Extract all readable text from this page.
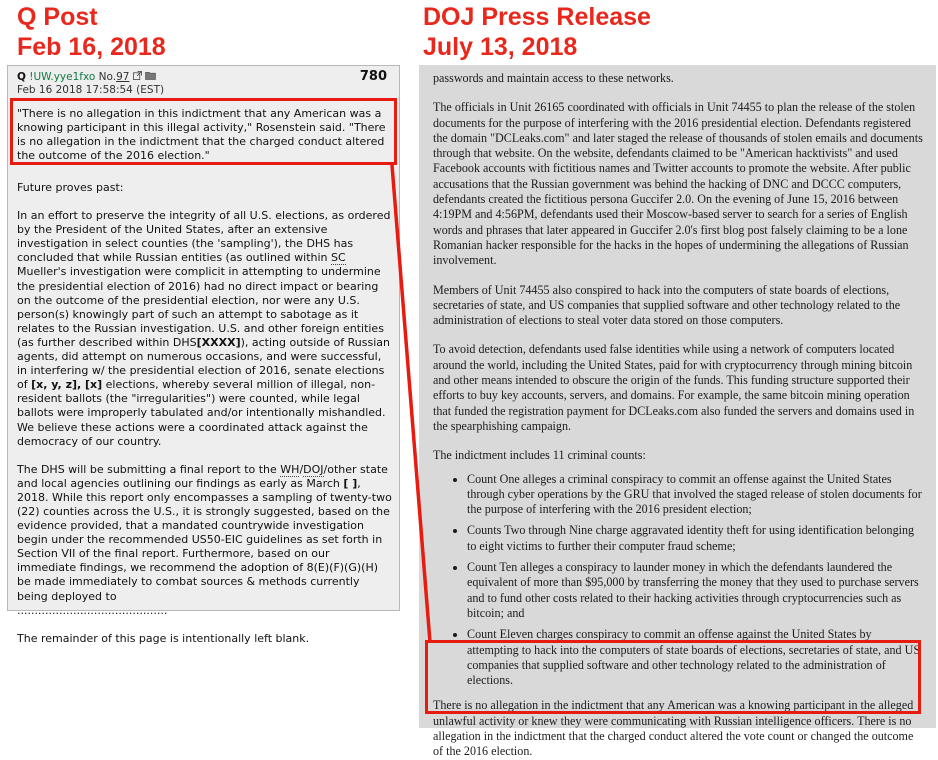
Q Post
Feb 16, 2018
DOJ Press Release
July 13, 2018
Q !UW.yye1fxo No.97	780
Feb 16 2018 17:58:54 (EST)

"There is no allegation in this indictment that any American was a knowing participant in this illegal activity," Rosenstein said. "There is no allegation in the indictment that the charged conduct altered the outcome of the 2016 election."

Future proves past:

In an effort to preserve the integrity of all U.S. elections, as ordered by the President of the United States, after an extensive investigation in select counties (the 'sampling'), the DHS has concluded that while Russian entities (as outlined within SC Mueller's investigation were complicit in attempting to undermine the presidential election of 2016) had no direct impact or bearing on the outcome of the presidential election, nor were any U.S. person(s) knowingly part of such an attempt to sabotage as it relates to the Russian investigation. U.S. and other foreign entities (as further described within DHS[XXXX]), acting outside of Russian agents, did attempt on numerous occasions, and were successful, in interfering w/ the presidential election of 2016, senate elections of [x, y, z], [x] elections, whereby several million of illegal, non-resident ballots (the "irregularities") were counted, while legal ballots were improperly tabulated and/or intentionally mishandled. We believe these actions were a coordinated attack against the democracy of our country.

The DHS will be submitting a final report to the WH/DOJ/other state and local agencies outlining our findings as early as March [ ], 2018. While this report only encompasses a sampling of twenty-two (22) counties across the U.S., it is strongly suggested, based on the evidence provided, that a mandated countrywide investigation begin under the recommended US50-EIC guidelines as set forth in Section VII of the final report. Furthermore, based on our immediate findings, we recommend the adoption of 8(E)(F)(G)(H) be made immediately to combat sources & methods currently being deployed to

...........................................

The remainder of this page is intentionally left blank.

passwords and maintain access to these networks.

The officials in Unit 26165 coordinated with officials in Unit 74455 to plan the release of the stolen documents for the purpose of interfering with the 2016 presidential election. Defendants registered the domain "DCLeaks.com" and later staged the release of thousands of stolen emails and documents through that website. On the website, defendants claimed to be "American hacktivists" and used Facebook accounts with fictitious names and Twitter accounts to promote the website. After public accusations that the Russian government was behind the hacking of DNC and DCCC computers, defendants created the fictitious persona Guccifer 2.0. On the evening of June 15, 2016 between 4:19PM and 4:56PM, defendants used their Moscow-based server to search for a series of English words and phrases that later appeared in Guccifer 2.0's first blog post falsely claiming to be a lone Romanian hacker responsible for the hacks in the hopes of undermining the allegations of Russian involvement.

Members of Unit 74455 also conspired to hack into the computers of state boards of elections, secretaries of state, and US companies that supplied software and other technology related to the administration of elections to steal voter data stored on those computers.

To avoid detection, defendants used false identities while using a network of computers located around the world, including the United States, paid for with cryptocurrency through mining bitcoin and other means intended to obscure the origin of the funds. This funding structure supported their efforts to buy key accounts, servers, and domains. For example, the same bitcoin mining operation that funded the registration payment for DCLeaks.com also funded the servers and domains used in the spearphishing campaign.

The indictment includes 11 criminal counts:

• Count One alleges a criminal conspiracy to commit an offense against the United States through cyber operations by the GRU that involved the staged release of stolen documents for the purpose of interfering with the 2016 president election;
• Counts Two through Nine charge aggravated identity theft for using identification belonging to eight victims to further their computer fraud scheme;
• Count Ten alleges a conspiracy to launder money in which the defendants laundered the equivalent of more than $95,000 by transferring the money that they used to purchase servers and to fund other costs related to their hacking activities through cryptocurrencies such as bitcoin; and
• Count Eleven charges conspiracy to commit an offense against the United States by attempting to hack into the computers of state boards of elections, secretaries of state, and US companies that supplied software and other technology related to the administration of elections.

There is no allegation in the indictment that any American was a knowing participant in the alleged unlawful activity or knew they were communicating with Russian intelligence officers. There is no allegation in the indictment that the charged conduct altered the vote count or changed the outcome of the 2016 election.
